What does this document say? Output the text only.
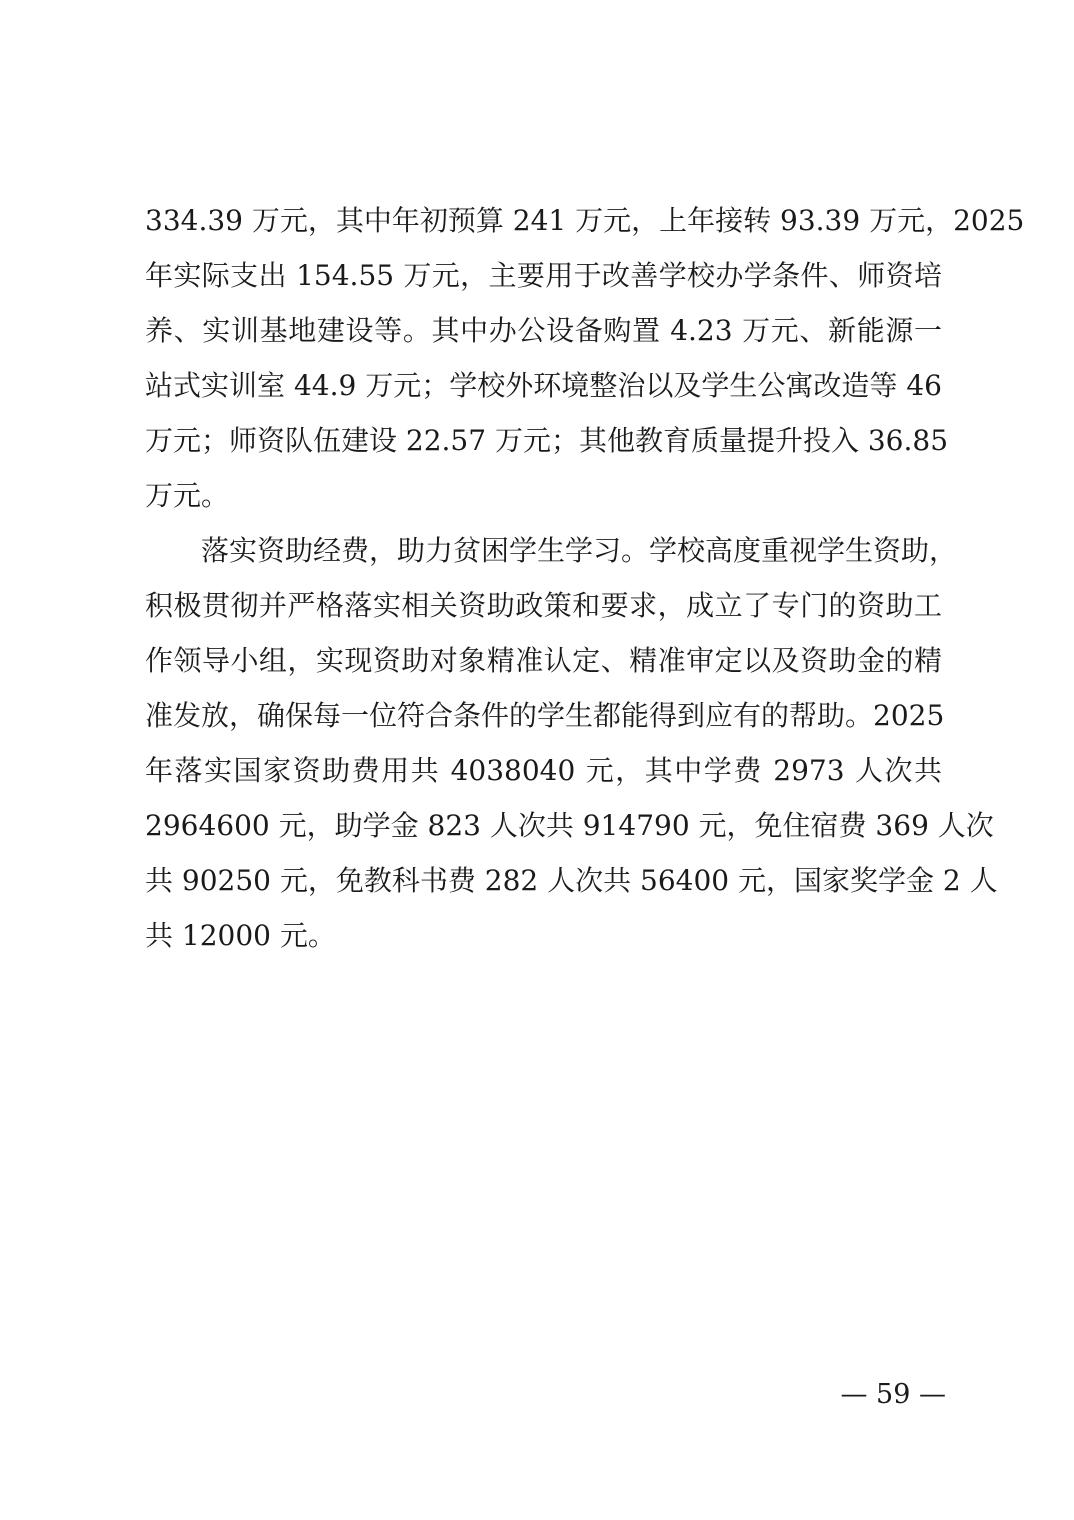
334.39 万元，其中年初预算 241 万元，上年接转 93.39 万元，2025
年实际支出 154.55 万元，主要用于改善学校办学条件、师资培
养、实训基地建设等。其中办公设备购置 4.23 万元、新能源一
站式实训室 44.9 万元；学校外环境整治以及学生公寓改造等 46
万元；师资队伍建设 22.57 万元；其他教育质量提升投入 36.85
万元。
落实资助经费，助力贫困学生学习。学校高度重视学生资助，
积极贯彻并严格落实相关资助政策和要求，成立了专门的资助工
作领导小组，实现资助对象精准认定、精准审定以及资助金的精
准发放，确保每一位符合条件的学生都能得到应有的帮助。2025
年落实国家资助费用共 4038040 元，其中学费 2973 人次共
2964600 元，助学金 823 人次共 914790 元，免住宿费 369 人次
共 90250 元，免教科书费 282 人次共 56400 元，国家奖学金 2 人
共 12000 元。
— 59 —
